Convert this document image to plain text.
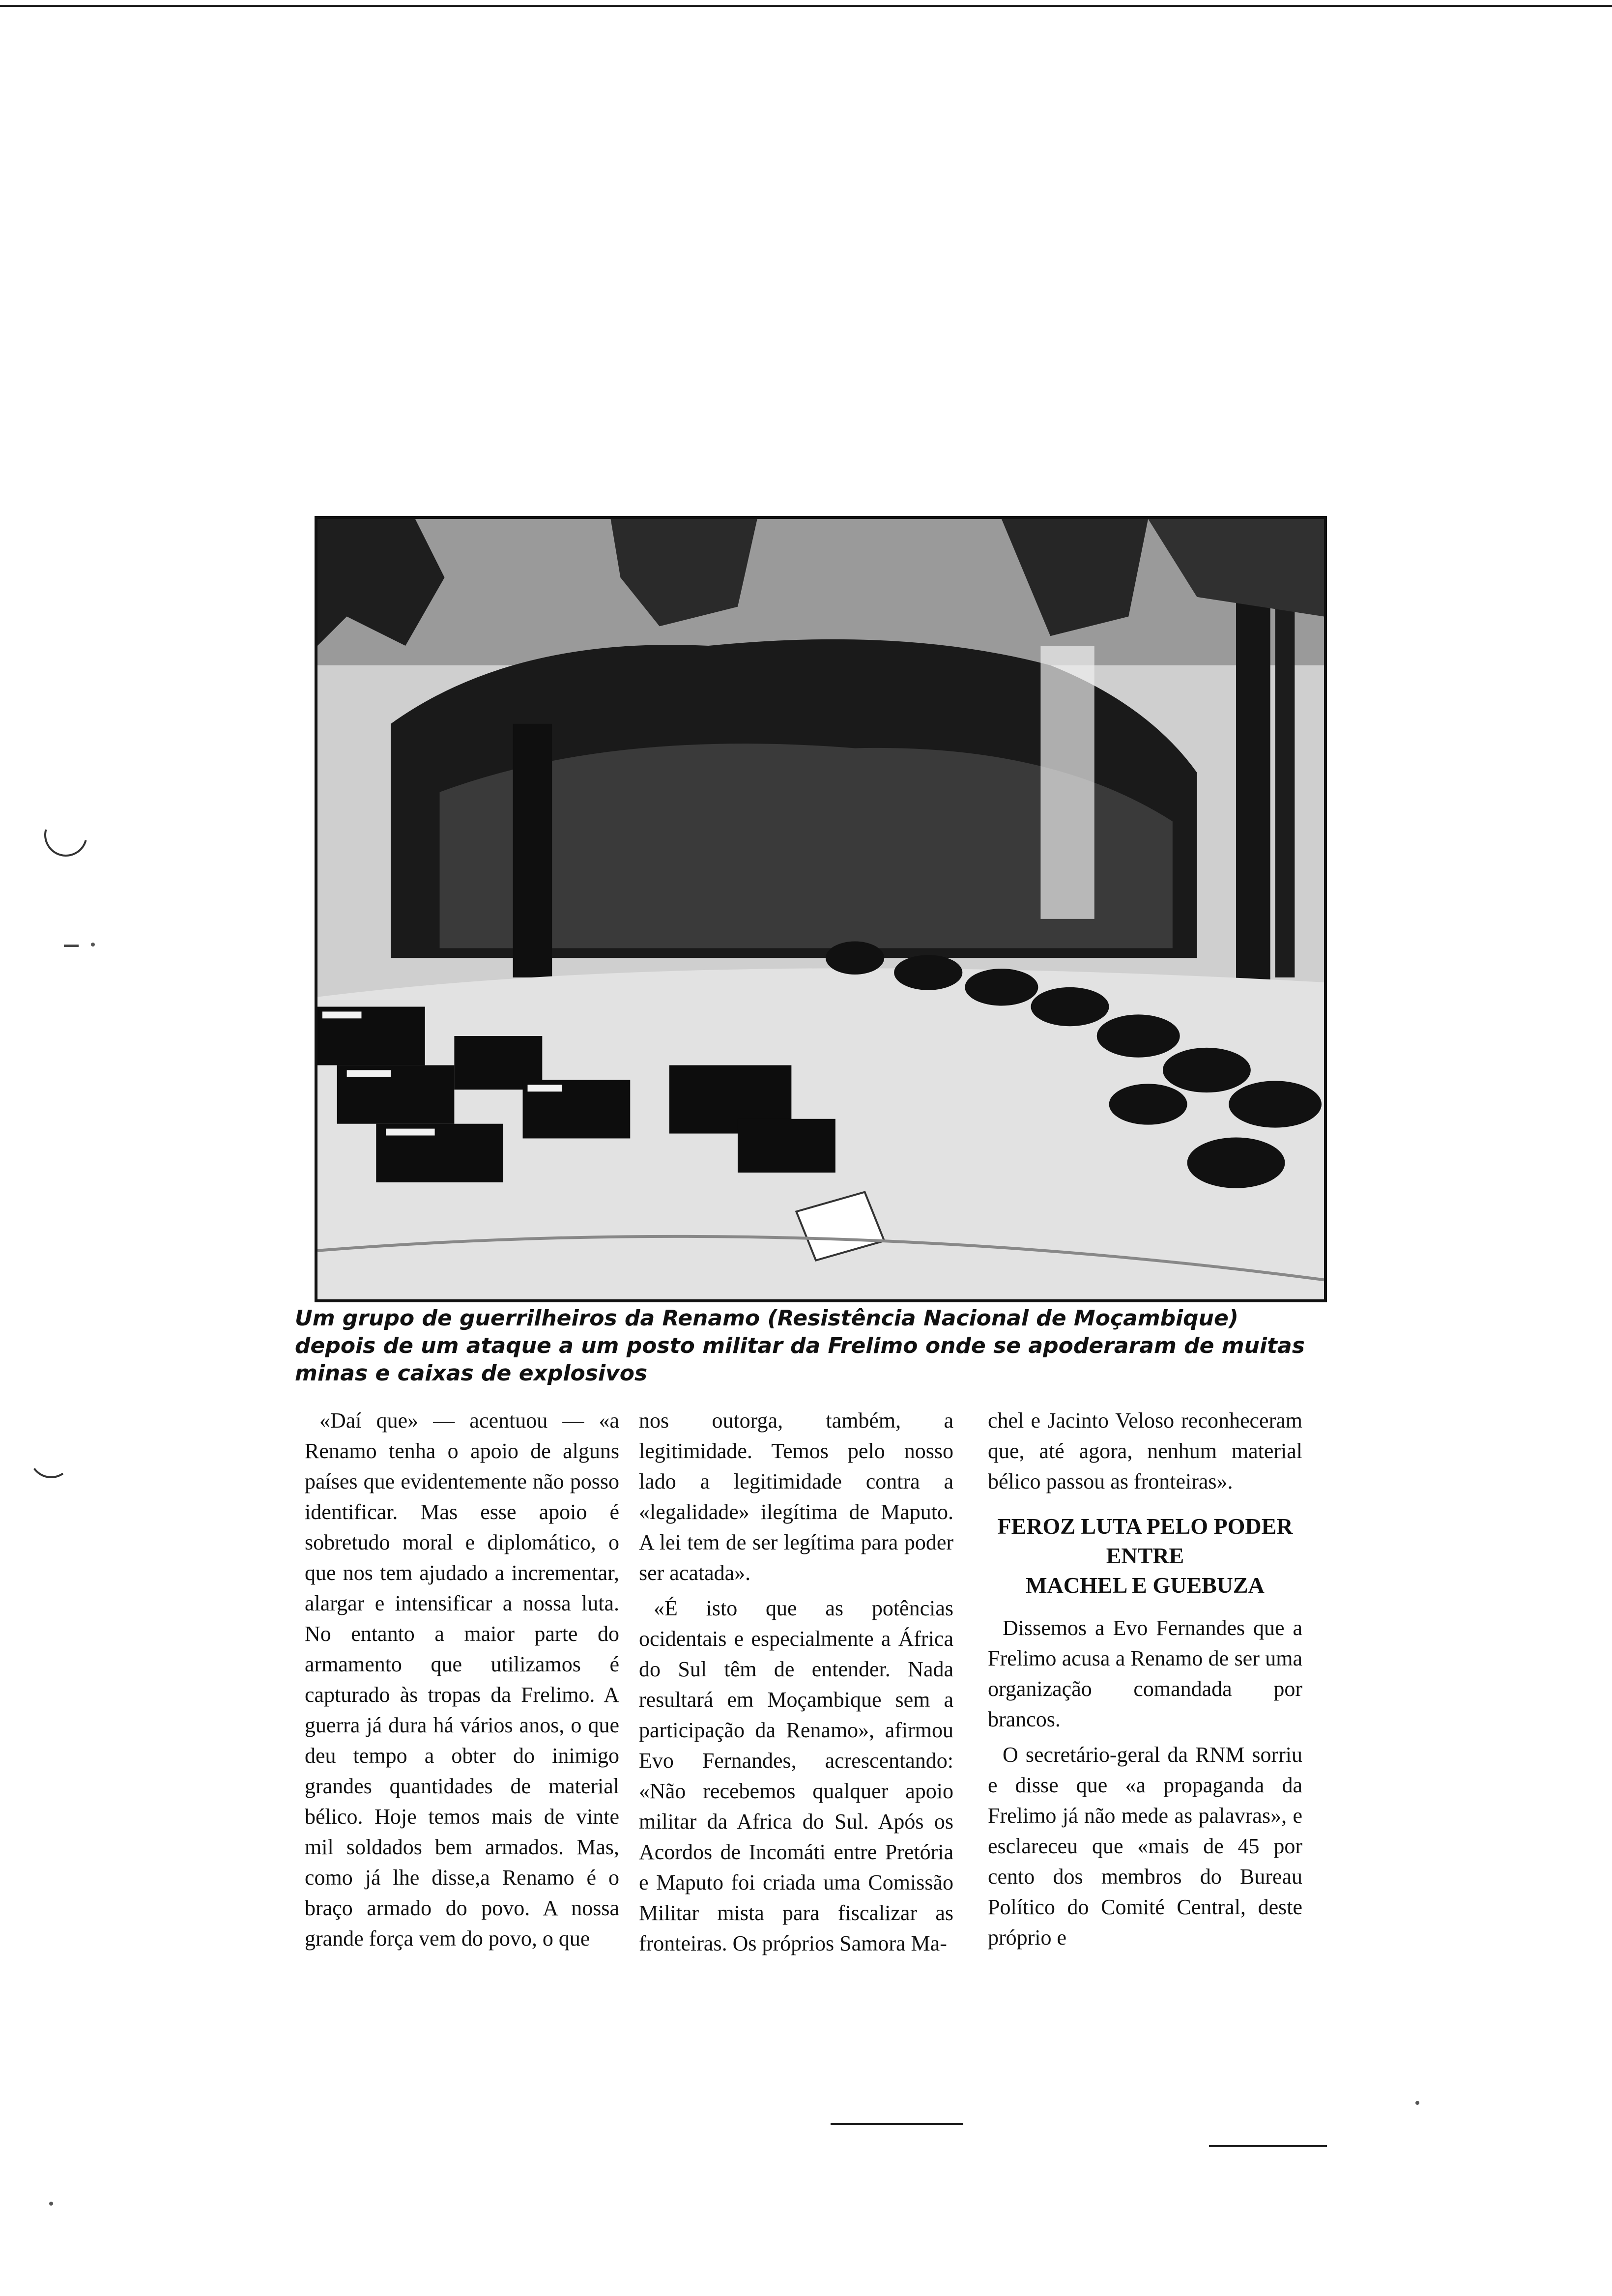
Um grupo de guerrilheiros da Renamo (Resistência Nacional de Moçambique) depois de um ataque a um posto militar da Frelimo onde se apoderaram de muitas minas e caixas de explosivos

«Daí que» — acentuou — «a Renamo tenha o apoio de alguns países que evidentemente não posso identificar. Mas esse apoio é sobretudo moral e diplomático, o que nos tem ajudado a incrementar, alargar e intensificar a nossa luta. No entanto a maior parte do armamento que utilizamos é capturado às tropas da Frelimo. A guerra já dura há vários anos, o que deu tempo a obter do inimigo grandes quantidades de material bélico. Hoje temos mais de vinte mil soldados bem armados. Mas, como já lhe disse,a Renamo é o braço armado do povo. A nossa grande força vem do povo, o que

nos outorga, também, a legitimidade. Temos pelo nosso lado a legitimidade contra a «legalidade» ilegítima de Maputo. A lei tem de ser legítima para poder ser acatada».

«É isto que as potências ocidentais e especialmente a África do Sul têm de entender. Nada resultará em Moçambique sem a participação da Renamo», afirmou Evo Fernandes, acrescentando: «Não recebemos qualquer apoio militar da Africa do Sul. Após os Acordos de Incomáti entre Pretória e Maputo foi criada uma Comissão Militar mista para fiscalizar as fronteiras. Os próprios Samora Ma-

chel e Jacinto Veloso reconheceram que, até agora, nenhum material bélico passou as fronteiras».

FEROZ LUTA PELO PODER
ENTRE
MACHEL E GUEBUZA

Dissemos a Evo Fernandes que a Frelimo acusa a Renamo de ser uma organização comandada por brancos.

O secretário-geral da RNM sorriu e disse que «a propaganda da Frelimo já não mede as palavras», e esclareceu que «mais de 45 por cento dos membros do Bureau Político do Comité Central, deste próprio e
